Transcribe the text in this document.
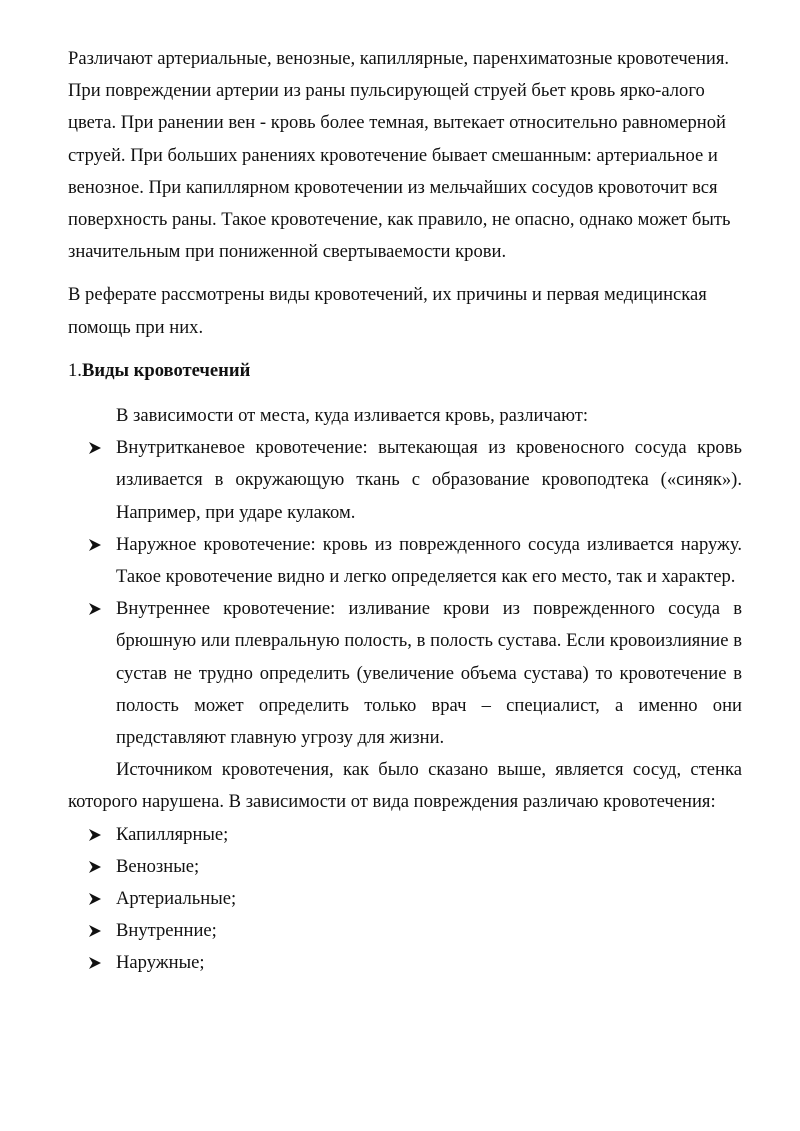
Различают артериальные, венозные, капиллярные, паренхиматозные кровотечения. При повреждении артерии из раны пульсирующей струей бьет кровь ярко-алого цвета. При ранении вен - кровь более темная, вытекает относительно равномерной струей. При больших ранениях кровотечение бывает смешанным: артериальное и венозное. При капиллярном кровотечении из мельчайших сосудов кровоточит вся поверхность раны. Такое кровотечение, как правило, не опасно, однако может быть значительным при пониженной свертываемости крови.

В реферате рассмотрены виды кровотечений, их причины и первая медицинская помощь при них.

1.Виды кровотечений

В зависимости от места, куда изливается кровь, различают:

Внутритканевое кровотечение: вытекающая из кровеносного сосуда кровь изливается в окружающую ткань с образование кровоподтека («синяк»). Например, при ударе кулаком.
Наружное кровотечение: кровь из поврежденного сосуда изливается наружу. Такое кровотечение видно и легко определяется как его место, так и характер.
Внутреннее кровотечение: изливание крови из поврежденного сосуда в брюшную или плевральную полость, в полость сустава. Если кровоизлияние в сустав не трудно определить (увеличение объема сустава) то кровотечение в полость может определить только врач – специалист, а именно они представляют главную угрозу для жизни.

Источником кровотечения, как было сказано выше, является сосуд, стенка которого нарушена. В зависимости от вида повреждения различаю кровотечения:

Капиллярные;
Венозные;
Артериальные;
Внутренние;
Наружные;
